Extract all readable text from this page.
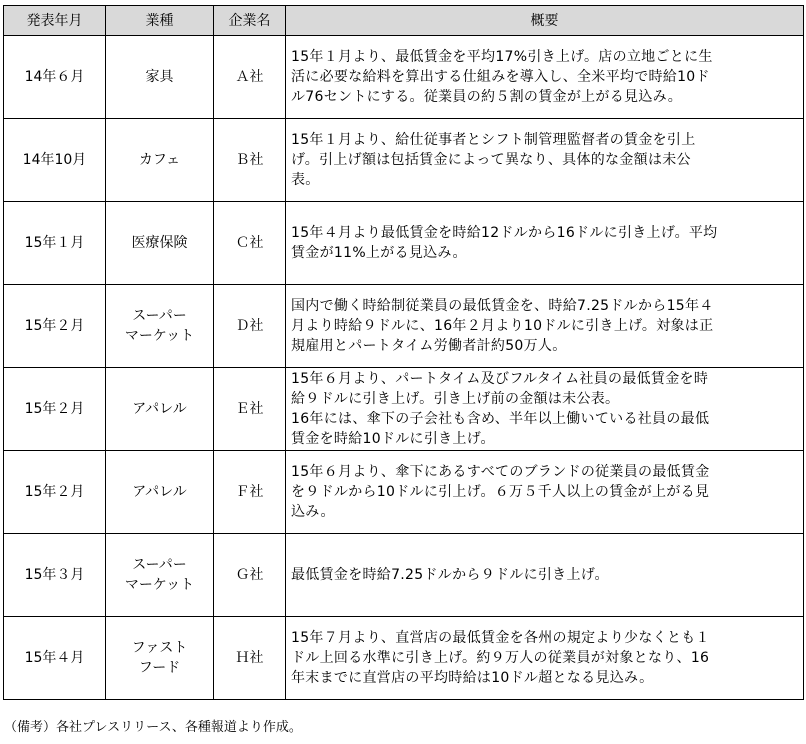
発表年月	業種	企業名	概要
14年６月	家具	Ａ社	15年１月より、最低賃金を平均17%引き上げ。店の立地ごとに生
活に必要な給料を算出する仕組みを導入し、全米平均で時給10ド
ル76セントにする。従業員の約５割の賃金が上がる見込み。

14年10月	カフェ	Ｂ社	15年１月より、給仕従事者とシフト制管理監督者の賃金を引上
げ。引上げ額は包括賃金によって異なり、具体的な金額は未公
表。

15年１月	医療保険	Ｃ社	15年４月より最低賃金を時給12ドルから16ドルに引き上げ。平均
賃金が11%上がる見込み。

15年２月	スーパー
マーケット	Ｄ社	国内で働く時給制従業員の最低賃金を、時給7.25ドルから15年４
月より時給９ドルに、16年２月より10ドルに引き上げ。対象は正
規雇用とパートタイム労働者計約50万人。

15年２月	アパレル	Ｅ社	15年６月より、パートタイム及びフルタイム社員の最低賃金を時
給９ドルに引き上げ。引き上げ前の金額は未公表。
16年には、傘下の子会社も含め、半年以上働いている社員の最低
賃金を時給10ドルに引き上げ。

15年２月	アパレル	Ｆ社	15年６月より、傘下にあるすべてのブランドの従業員の最低賃金
を９ドルから10ドルに引上げ。６万５千人以上の賃金が上がる見
込み。

15年３月	スーパー
マーケット	Ｇ社	最低賃金を時給7.25ドルから９ドルに引き上げ。

15年４月	ファスト
フード	Ｈ社	15年７月より、直営店の最低賃金を各州の規定より少なくとも１
ドル上回る水準に引き上げ。約９万人の従業員が対象となり、16
年末までに直営店の平均時給は10ドル超となる見込み。
（備考）各社プレスリリース、各種報道より作成。
